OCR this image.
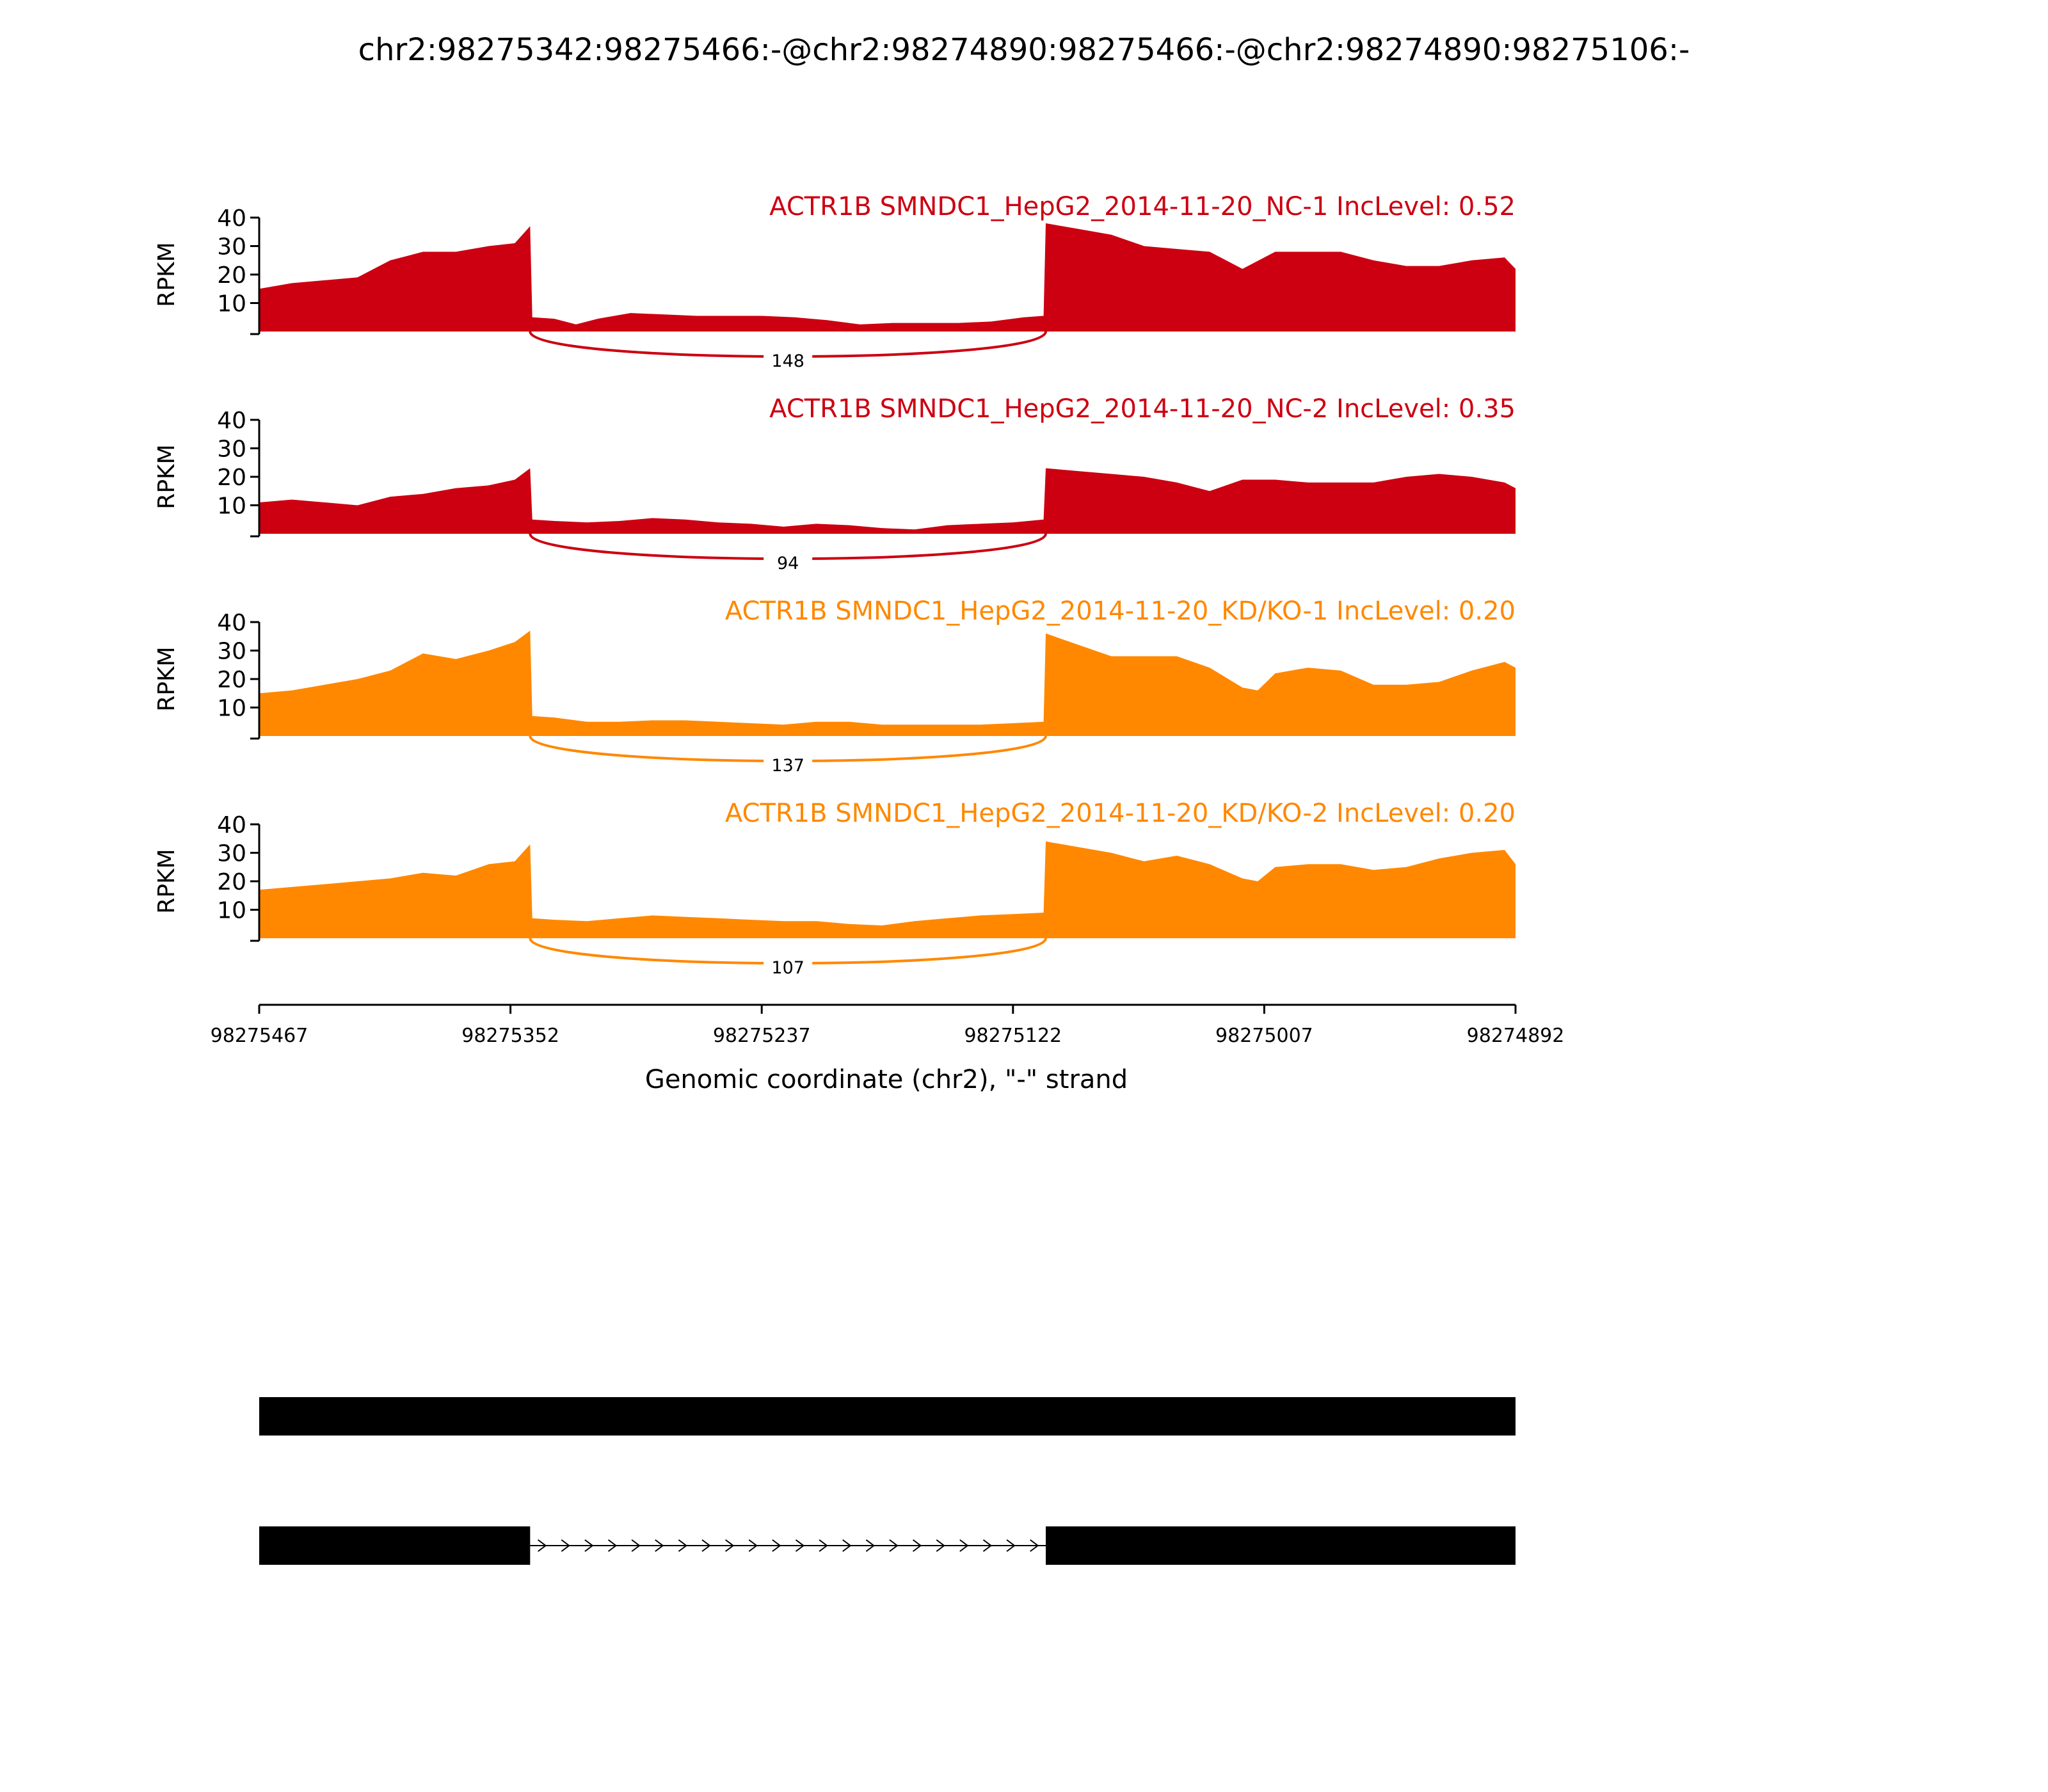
chr2:98275342:98275466:-@chr2:98274890:98275466:-@chr2:98274890:98275106:-
10
20
30
40
RPKM
ACTR1B SMNDC1_HepG2_2014-11-20_NC-1 IncLevel: 0.52
148
10
20
30
40
RPKM
ACTR1B SMNDC1_HepG2_2014-11-20_NC-2 IncLevel: 0.35
94
10
20
30
40
RPKM
ACTR1B SMNDC1_HepG2_2014-11-20_KD/KO-1 IncLevel: 0.20
137
10
20
30
40
RPKM
ACTR1B SMNDC1_HepG2_2014-11-20_KD/KO-2 IncLevel: 0.20
107
98275467	98275352	98275237	98275122	98275007	98274892
Genomic coordinate (chr2), "-" strand
